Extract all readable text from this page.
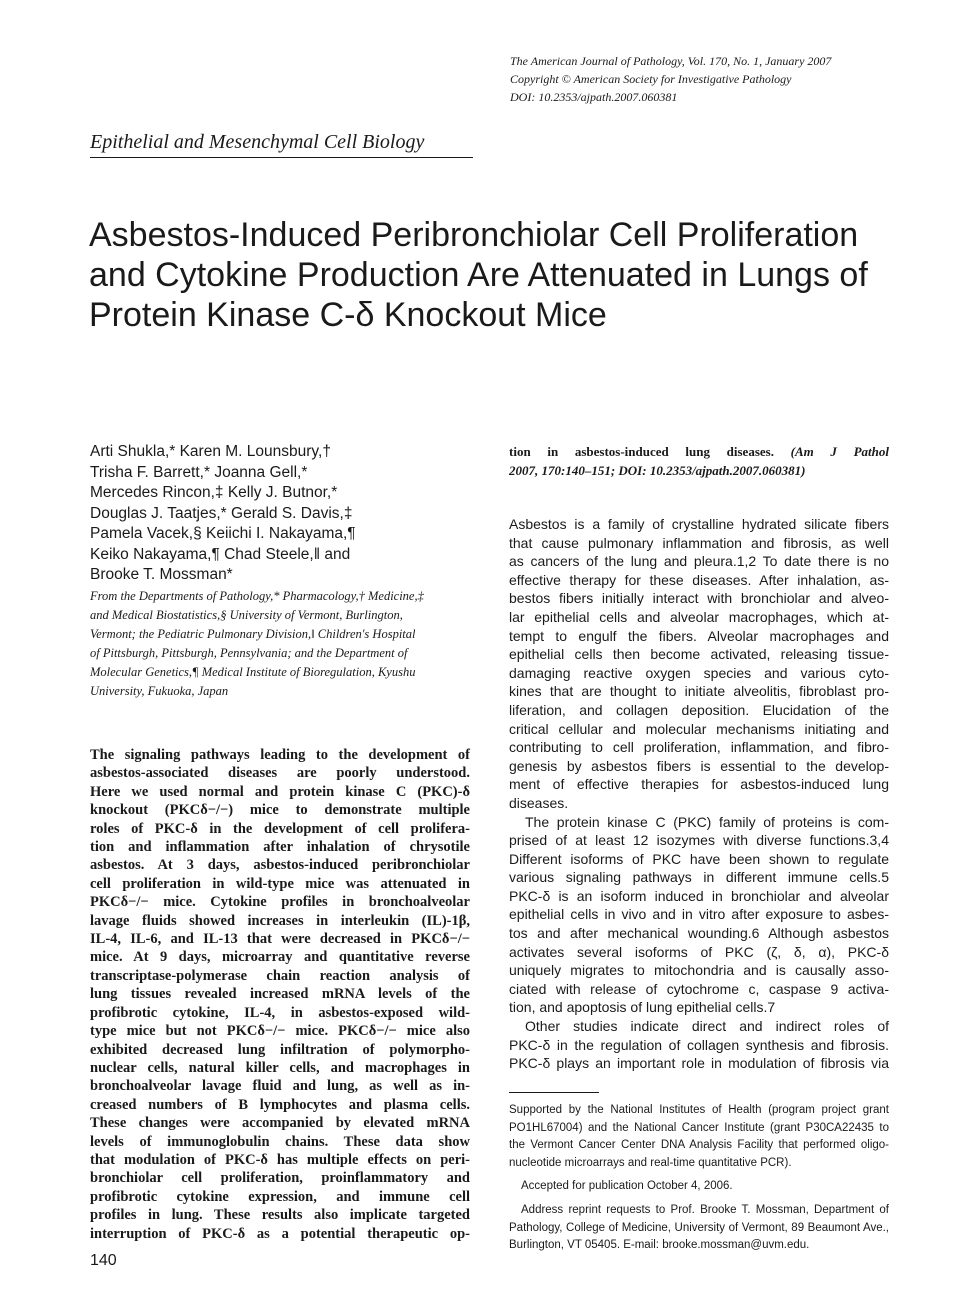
The American Journal of Pathology, Vol. 170, No. 1, January 2007
Copyright © American Society for Investigative Pathology
DOI: 10.2353/ajpath.2007.060381
Epithelial and Mesenchymal Cell Biology
Asbestos-Induced Peribronchiolar Cell Proliferation
and Cytokine Production Are Attenuated in Lungs of
Protein Kinase C-δ Knockout Mice
Arti Shukla,* Karen M. Lounsbury,†
Trisha F. Barrett,* Joanna Gell,*
Mercedes Rincon,‡ Kelly J. Butnor,*
Douglas J. Taatjes,* Gerald S. Davis,‡
Pamela Vacek,§ Keiichi I. Nakayama,¶
Keiko Nakayama,¶ Chad Steele,‖ and
Brooke T. Mossman*
From the Departments of Pathology,* Pharmacology,† Medicine,‡
and Medical Biostatistics,§ University of Vermont, Burlington,
Vermont; the Pediatric Pulmonary Division,‖ Children's Hospital
of Pittsburgh, Pittsburgh, Pennsylvania; and the Department of
Molecular Genetics,¶ Medical Institute of Bioregulation, Kyushu
University, Fukuoka, Japan
The signaling pathways leading to the development of
asbestos-associated diseases are poorly understood.
Here we used normal and protein kinase C (PKC)-δ
knockout (PKCδ−/−) mice to demonstrate multiple
roles of PKC-δ in the development of cell prolifera-
tion and inflammation after inhalation of chrysotile
asbestos. At 3 days, asbestos-induced peribronchiolar
cell proliferation in wild-type mice was attenuated in
PKCδ−/− mice. Cytokine profiles in bronchoalveolar
lavage fluids showed increases in interleukin (IL)-1β,
IL-4, IL-6, and IL-13 that were decreased in PKCδ−/−
mice. At 9 days, microarray and quantitative reverse
transcriptase-polymerase chain reaction analysis of
lung tissues revealed increased mRNA levels of the
profibrotic cytokine, IL-4, in asbestos-exposed wild-
type mice but not PKCδ−/− mice. PKCδ−/− mice also
exhibited decreased lung infiltration of polymorpho-
nuclear cells, natural killer cells, and macrophages in
bronchoalveolar lavage fluid and lung, as well as in-
creased numbers of B lymphocytes and plasma cells.
These changes were accompanied by elevated mRNA
levels of immunoglobulin chains. These data show
that modulation of PKC-δ has multiple effects on peri-
bronchiolar cell proliferation, proinflammatory and
profibrotic cytokine expression, and immune cell
profiles in lung. These results also implicate targeted
interruption of PKC-δ as a potential therapeutic op-
140
tion in asbestos-induced lung diseases. (Am J Pathol
2007, 170:140–151; DOI: 10.2353/ajpath.2007.060381)
Asbestos is a family of crystalline hydrated silicate fibers
that cause pulmonary inflammation and fibrosis, as well
as cancers of the lung and pleura.1,2 To date there is no
effective therapy for these diseases. After inhalation, as-
bestos fibers initially interact with bronchiolar and alveo-
lar epithelial cells and alveolar macrophages, which at-
tempt to engulf the fibers. Alveolar macrophages and
epithelial cells then become activated, releasing tissue-
damaging reactive oxygen species and various cyto-
kines that are thought to initiate alveolitis, fibroblast pro-
liferation, and collagen deposition. Elucidation of the
critical cellular and molecular mechanisms initiating and
contributing to cell proliferation, inflammation, and fibro-
genesis by asbestos fibers is essential to the develop-
ment of effective therapies for asbestos-induced lung
diseases.
The protein kinase C (PKC) family of proteins is com-
prised of at least 12 isozymes with diverse functions.3,4
Different isoforms of PKC have been shown to regulate
various signaling pathways in different immune cells.5
PKC-δ is an isoform induced in bronchiolar and alveolar
epithelial cells in vivo and in vitro after exposure to asbes-
tos and after mechanical wounding.6 Although asbestos
activates several isoforms of PKC (ζ, δ, α), PKC-δ
uniquely migrates to mitochondria and is causally asso-
ciated with release of cytochrome c, caspase 9 activa-
tion, and apoptosis of lung epithelial cells.7
Other studies indicate direct and indirect roles of
PKC-δ in the regulation of collagen synthesis and fibrosis.
PKC-δ plays an important role in modulation of fibrosis via
Supported by the National Institutes of Health (program project grant
PO1HL67004) and the National Cancer Institute (grant P30CA22435 to
the Vermont Cancer Center DNA Analysis Facility that performed oligo-
nucleotide microarrays and real-time quantitative PCR).
Accepted for publication October 4, 2006.
Address reprint requests to Prof. Brooke T. Mossman, Department of
Pathology, College of Medicine, University of Vermont, 89 Beaumont Ave.,
Burlington, VT 05405. E-mail: brooke.mossman@uvm.edu.
